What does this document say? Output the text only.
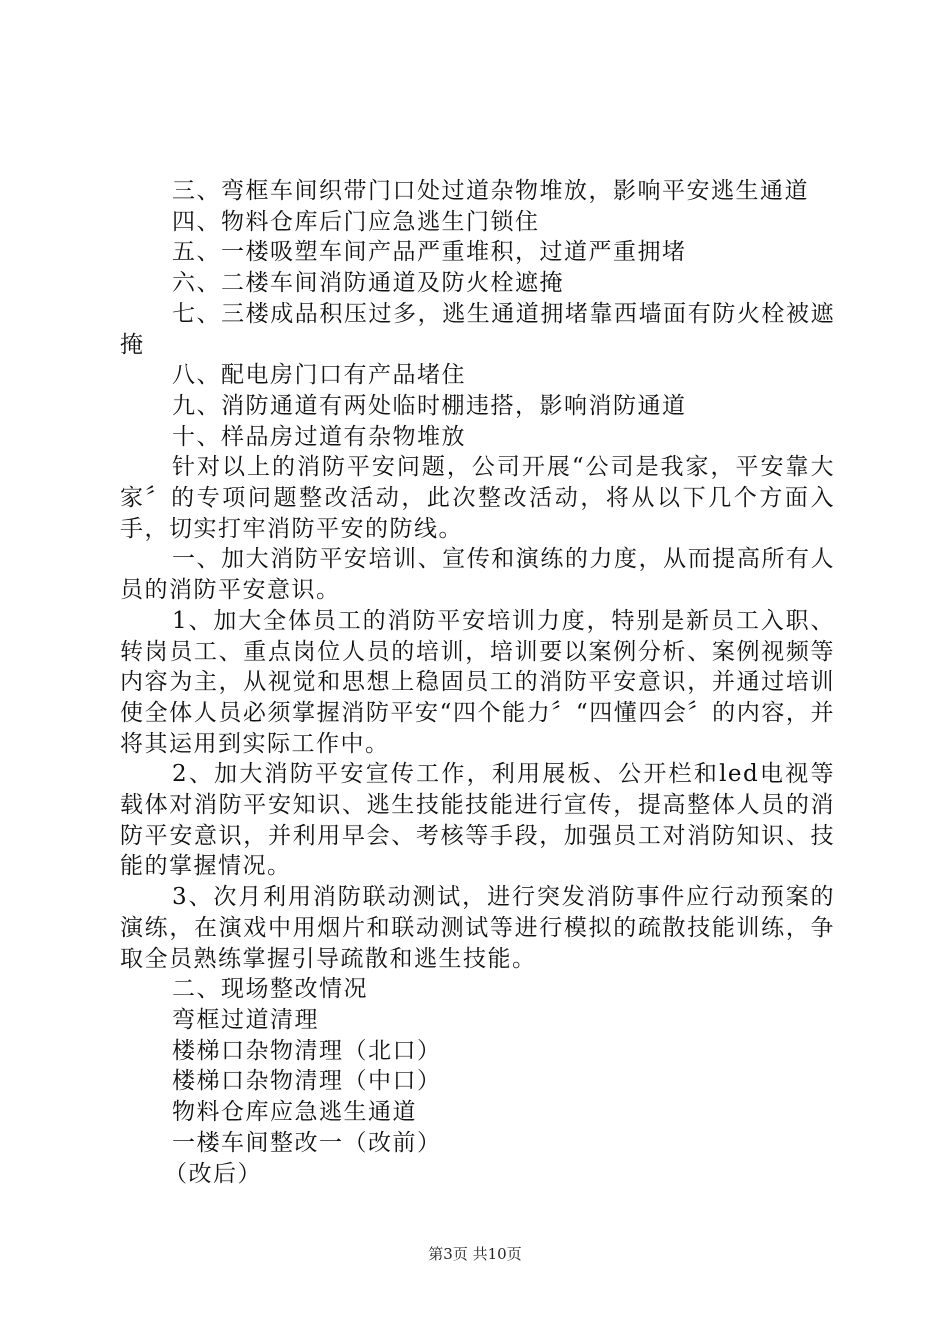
三、弯框车间织带门口处过道杂物堆放，影响平安逃生通道

四、物料仓库后门应急逃生门锁住

五、一楼吸塑车间产品严重堆积，过道严重拥堵

六、二楼车间消防通道及防火栓遮掩

七、三楼成品积压过多，逃生通道拥堵靠西墙面有防火栓被遮掩

八、配电房门口有产品堵住

九、消防通道有两处临时棚违搭，影响消防通道

十、样品房过道有杂物堆放

针对以上的消防平安问题，公司开展“公司是我家，平安靠大家〞的专项问题整改活动，此次整改活动，将从以下几个方面入手，切实打牢消防平安的防线。

一、加大消防平安培训、宣传和演练的力度，从而提高所有人员的消防平安意识。

1、加大全体员工的消防平安培训力度，特别是新员工入职、转岗员工、重点岗位人员的培训，培训要以案例分析、案例视频等内容为主，从视觉和思想上稳固员工的消防平安意识，并通过培训使全体人员必须掌握消防平安“四个能力〞“四懂四会〞的内容，并将其运用到实际工作中。

2、加大消防平安宣传工作，利用展板、公开栏和led电视等载体对消防平安知识、逃生技能技能进行宣传，提高整体人员的消防平安意识，并利用早会、考核等手段，加强员工对消防知识、技能的掌握情况。

3、次月利用消防联动测试，进行突发消防事件应行动预案的演练，在演戏中用烟片和联动测试等进行模拟的疏散技能训练，争取全员熟练掌握引导疏散和逃生技能。

二、现场整改情况

弯框过道清理

楼梯口杂物清理（北口）

楼梯口杂物清理（中口）

物料仓库应急逃生通道

一楼车间整改一（改前）

（改后）

第3页 共10页
